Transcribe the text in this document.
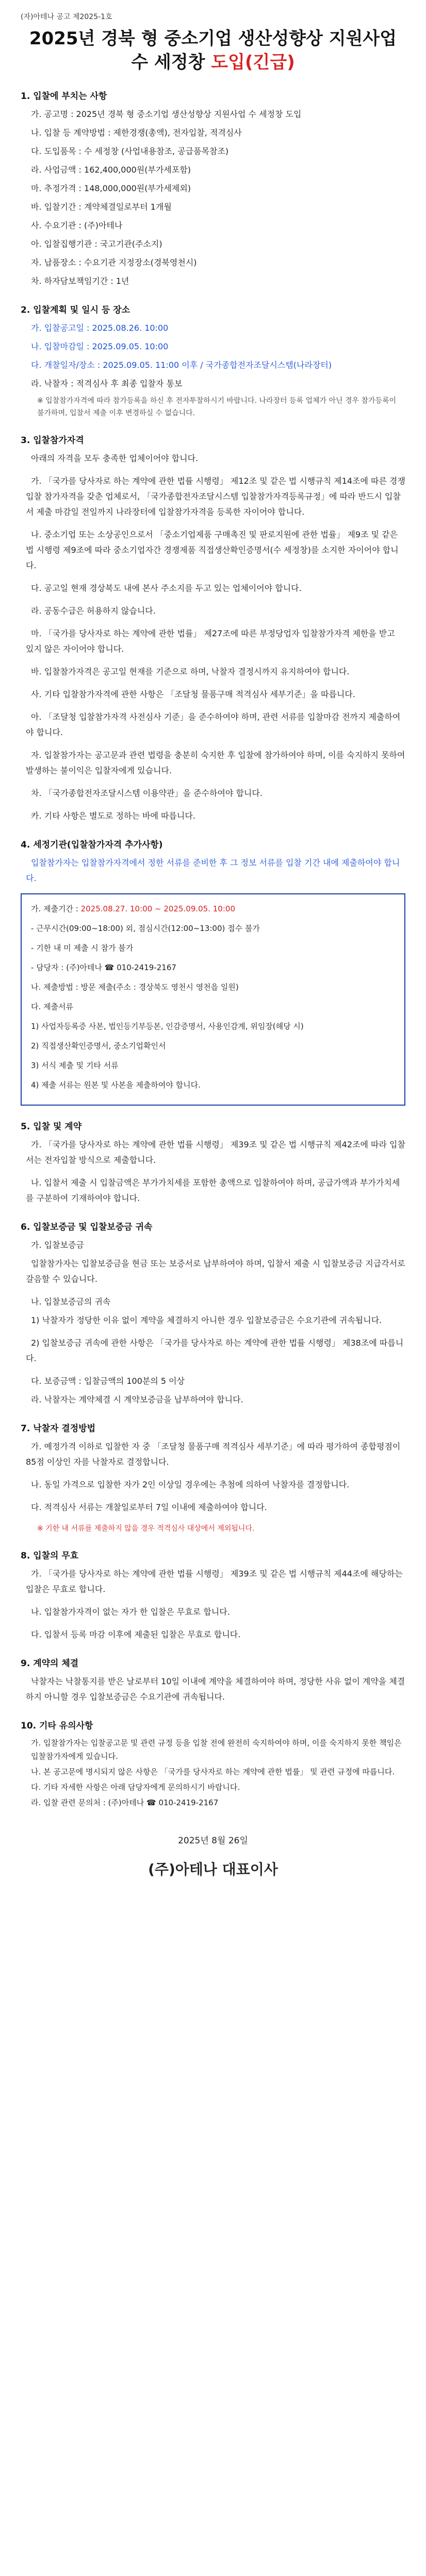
(자)아테나 공고 제2025-1호
2025년 경북 형 중소기업 생산성향상 지원사업
수 세정창 도입(긴급)
1. 입찰에 부치는 사항
가. 공고명 : 2025년 경북 형 중소기업 생산성향상 지원사업 수 세정창 도입
나. 입찰 등 계약방법 : 제한경쟁(총액), 전자입찰, 적격심사
다. 도입품목 : 수 세정창 (사업내용참조, 공급품목참조)
라. 사업금액 : 162,400,000원(부가세포함)
마. 추정가격 : 148,000,000원(부가세제외)
바. 입찰기간 : 계약체결일로부터 1개월
사. 수요기관 : (주)아테나
아. 입찰집행기관 : 국고기관(주소지)
자. 납품장소 : 수요기관 지정장소(경북영천시)
차. 하자담보책임기간 : 1년
2. 입찰계획 및 일시 등 장소
가. 입찰공고일 : 2025.08.26. 10:00
나. 입찰마감일 : 2025.09.05. 10:00
다. 개찰일자/장소 : 2025.09.05. 11:00 이후 / 국가종합전자조달시스템(나라장터)
라. 낙찰자 : 적격심사 후 최종 입찰자 통보
※ 입찰참가자격에 따라 참가등록을 하신 후 전자투찰하시기 바랍니다. 나라장터 등록 업체가 아닌 경우 참가등록이 불가하며, 입찰서 제출 이후 변경하실 수 없습니다.
3. 입찰참가자격
아래의 자격을 모두 충족한 업체이어야 합니다.
가. 「국가를 당사자로 하는 계약에 관한 법률 시행령」 제12조 및 같은 법 시행규칙 제14조에 따른 경쟁입찰 참가자격을 갖춘 업체로서, 「국가종합전자조달시스템 입찰참가자격등록규정」에 따라 반드시 입찰서 제출 마감일 전일까지 나라장터에 입찰참가자격을 등록한 자이어야 합니다.
나. 중소기업 또는 소상공인으로서 「중소기업제품 구매촉진 및 판로지원에 관한 법률」 제9조 및 같은 법 시행령 제9조에 따라 중소기업자간 경쟁제품 직접생산확인증명서(수 세정창)를 소지한 자이어야 합니다.
다. 공고일 현재 경상북도 내에 본사 주소지를 두고 있는 업체이어야 합니다.
라. 공동수급은 허용하지 않습니다.
마. 「국가를 당사자로 하는 계약에 관한 법률」 제27조에 따른 부정당업자 입찰참가자격 제한을 받고 있지 않은 자이어야 합니다.
바. 입찰참가자격은 공고일 현재를 기준으로 하며, 낙찰자 결정시까지 유지하여야 합니다.
사. 기타 입찰참가자격에 관한 사항은 「조달청 물품구매 적격심사 세부기준」을 따릅니다.
아. 「조달청 입찰참가자격 사전심사 기준」을 준수하여야 하며, 관련 서류를 입찰마감 전까지 제출하여야 합니다.
자. 입찰참가자는 공고문과 관련 법령을 충분히 숙지한 후 입찰에 참가하여야 하며, 이를 숙지하지 못하여 발생하는 불이익은 입찰자에게 있습니다.
차. 「국가종합전자조달시스템 이용약관」을 준수하여야 합니다.
카. 기타 사항은 별도로 정하는 바에 따릅니다.
4. 세정기관(입찰참가자격 추가사항)
입찰참가자는 입찰참가자격에서 정한 서류를 준비한 후 그 정보 서류를 입찰 기간 내에 제출하여야 합니다.

가. 제출기간 : 2025.08.27. 10:00 ~ 2025.09.05. 10:00

- 근무시간(09:00~18:00) 외, 점심시간(12:00~13:00) 접수 불가

- 기한 내 미 제출 시 참가 불가

- 담당자 : (주)아테나 ☎ 010-2419-2167

나. 제출방법 : 방문 제출(주소 : 경상북도 영천시 영천읍 일원)

다. 제출서류

1) 사업자등록증 사본, 법인등기부등본, 인감증명서, 사용인감계, 위임장(해당 시)

2) 직접생산확인증명서, 중소기업확인서

3) 서식 제출 및 기타 서류

4) 제출 서류는 원본 및 사본을 제출하여야 합니다.

5. 입찰 및 계약
가. 「국가를 당사자로 하는 계약에 관한 법률 시행령」 제39조 및 같은 법 시행규칙 제42조에 따라 입찰서는 전자입찰 방식으로 제출합니다.
나. 입찰서 제출 시 입찰금액은 부가가치세를 포함한 총액으로 입찰하여야 하며, 공급가액과 부가가치세를 구분하여 기재하여야 합니다.
6. 입찰보증금 및 입찰보증금 귀속
가. 입찰보증금
입찰참가자는 입찰보증금을 현금 또는 보증서로 납부하여야 하며, 입찰서 제출 시 입찰보증금 지급각서로 갈음할 수 있습니다.
나. 입찰보증금의 귀속
1) 낙찰자가 정당한 이유 없이 계약을 체결하지 아니한 경우 입찰보증금은 수요기관에 귀속됩니다.
2) 입찰보증금 귀속에 관한 사항은 「국가를 당사자로 하는 계약에 관한 법률 시행령」 제38조에 따릅니다.
다. 보증금액 : 입찰금액의 100분의 5 이상
라. 낙찰자는 계약체결 시 계약보증금을 납부하여야 합니다.
7. 낙찰자 결정방법
가. 예정가격 이하로 입찰한 자 중 「조달청 물품구매 적격심사 세부기준」에 따라 평가하여 종합평점이 85점 이상인 자를 낙찰자로 결정합니다.
나. 동일 가격으로 입찰한 자가 2인 이상일 경우에는 추첨에 의하여 낙찰자를 결정합니다.
다. 적격심사 서류는 개찰일로부터 7일 이내에 제출하여야 합니다.
※ 기한 내 서류를 제출하지 않을 경우 적격심사 대상에서 제외됩니다.
8. 입찰의 무효
가. 「국가를 당사자로 하는 계약에 관한 법률 시행령」 제39조 및 같은 법 시행규칙 제44조에 해당하는 입찰은 무효로 합니다.
나. 입찰참가자격이 없는 자가 한 입찰은 무효로 합니다.
다. 입찰서 등록 마감 이후에 제출된 입찰은 무효로 합니다.
9. 계약의 체결
낙찰자는 낙찰통지를 받은 날로부터 10일 이내에 계약을 체결하여야 하며, 정당한 사유 없이 계약을 체결하지 아니할 경우 입찰보증금은 수요기관에 귀속됩니다.
10. 기타 유의사항

가. 입찰참가자는 입찰공고문 및 관련 규정 등을 입찰 전에 완전히 숙지하여야 하며, 이를 숙지하지 못한 책임은 입찰참가자에게 있습니다.

나. 본 공고문에 명시되지 않은 사항은 「국가를 당사자로 하는 계약에 관한 법률」 및 관련 규정에 따릅니다.

다. 기타 자세한 사항은 아래 담당자에게 문의하시기 바랍니다.

라. 입찰 관련 문의처 : (주)아테나 ☎ 010-2419-2167

2025년 8월 26일
(주)아테나 대표이사
